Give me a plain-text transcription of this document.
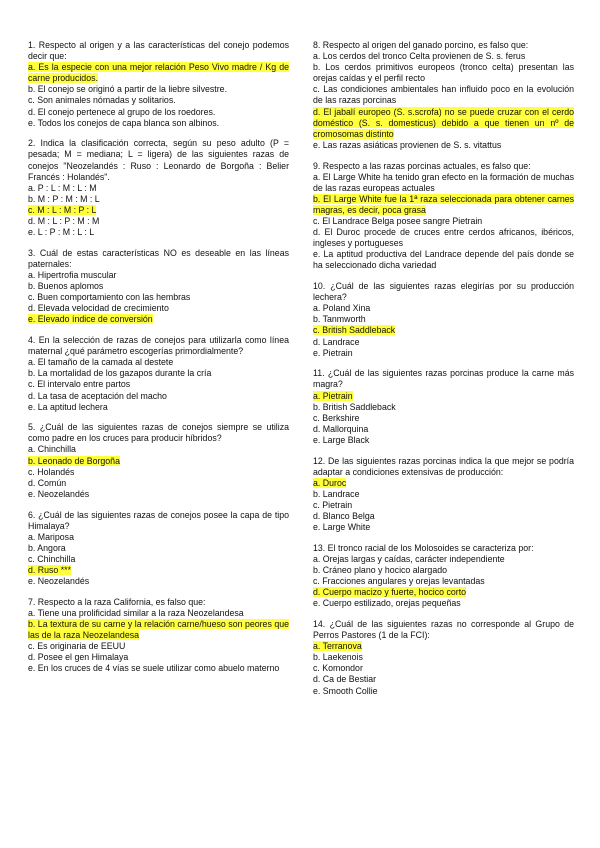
1. Respecto al origen y a las características del conejo podemos decir que:
a. Es la especie con una mejor relación Peso Vivo madre / Kg de carne producidos.
b. El conejo se originó a partir de la liebre silvestre.
c. Son animales nómadas y solitarios.
d. El conejo pertenece al grupo de los roedores.
e. Todos los conejos de capa blanca son albinos.
2. Indica la clasificación correcta, según su peso adulto (P = pesada; M = mediana; L = ligera) de las siguientes razas de conejos "Neozelandés : Ruso : Leonardo de Borgoña : Belier Francés : Holandés".
a. P : L : M : L : M
b. M : P : M : M : L
c. M : L : M : P : L
d. M : L : P : M : M
e. L : P : M : L : L
3. Cuál de estas características NO es deseable en las líneas paternales:
a. Hipertrofia muscular
b. Buenos aplomos
c. Buen comportamiento con las hembras
d. Elevada velocidad de crecimiento
e. Elevado índice de conversión
4. En la selección de razas de conejos para utilizarla como línea maternal ¿qué parámetro escogerías primordialmente?
a. El tamaño de la camada al destete
b. La mortalidad de los gazapos durante la cría
c. El intervalo entre partos
d. La tasa de aceptación del macho
e. La aptitud lechera
5. ¿Cuál de las siguientes razas de conejos siempre se utiliza como padre en los cruces para producir híbridos?
a. Chinchilla
b. Leonado de Borgoña
c. Holandés
d. Común
e. Neozelandés
6. ¿Cuál de las siguientes razas de conejos posee la capa de tipo Himalaya?
a. Mariposa
b. Angora
c. Chinchilla
d. Ruso ***
e. Neozelandés
7. Respecto a la raza California, es falso que:
a. Tiene una prolificidad similar a la raza Neozelandesa
b. La textura de su carne y la relación carne/hueso son peores que las de la raza Neozelandesa
c. Es originaria de EEUU
d. Posee el gen Himalaya
e. En los cruces de 4 vías se suele utilizar como abuelo materno
8. Respecto al origen del ganado porcino, es falso que:
a. Los cerdos del tronco Celta provienen de S. s. ferus
b. Los cerdos primitivos europeos (tronco celta) presentan las orejas caídas y el perfil recto
c. Las condiciones ambientales han influido poco en la evolución de las razas porcinas
d. El jabalí europeo (S. s.scrofa) no se puede cruzar con el cerdo doméstico (S. s. domesticus) debido a que tienen un nº de cromosomas distinto
e. Las razas asiáticas provienen de S. s. vitattus
9. Respecto a las razas porcinas actuales, es falso que:
a. El Large White ha tenido gran efecto en la formación de muchas de las razas europeas actuales
b. El Large White fue la 1ª raza seleccionada para obtener carnes magras, es decir, poca grasa
c. El Landrace Belga posee sangre Pietrain
d. El Duroc procede de cruces entre cerdos africanos, ibéricos, ingleses y portugueses
e. La aptitud productiva del Landrace depende del país donde se ha seleccionado dicha variedad
10. ¿Cuál de las siguientes razas elegirías por su producción lechera?
a. Poland Xina
b. Tanmworth
c. British Saddleback
d. Landrace
e. Pietrain
11. ¿Cuál de las siguientes razas porcinas produce la carne más magra?
a. Pietrain
b. British Saddleback
c. Berkshire
d. Mallorquina
e. Large Black
12. De las siguientes razas porcinas indica la que mejor se podría adaptar a condiciones extensivas de producción:
a. Duroc
b. Landrace
c. Pietrain
d. Blanco Belga
e. Large White
13. El tronco racial de los Molosoides se caracteriza por:
a. Orejas largas y caídas, carácter independiente
b. Cráneo plano y hocico alargado
c. Fracciones angulares y orejas levantadas
d. Cuerpo macizo y fuerte, hocico corto
e. Cuerpo estilizado, orejas pequeñas
14. ¿Cuál de las siguientes razas no corresponde al Grupo de Perros Pastores (1 de la FCI):
a. Terranova
b. Laekenois
c. Komondor
d. Ca de Bestiar
e. Smooth Collie
